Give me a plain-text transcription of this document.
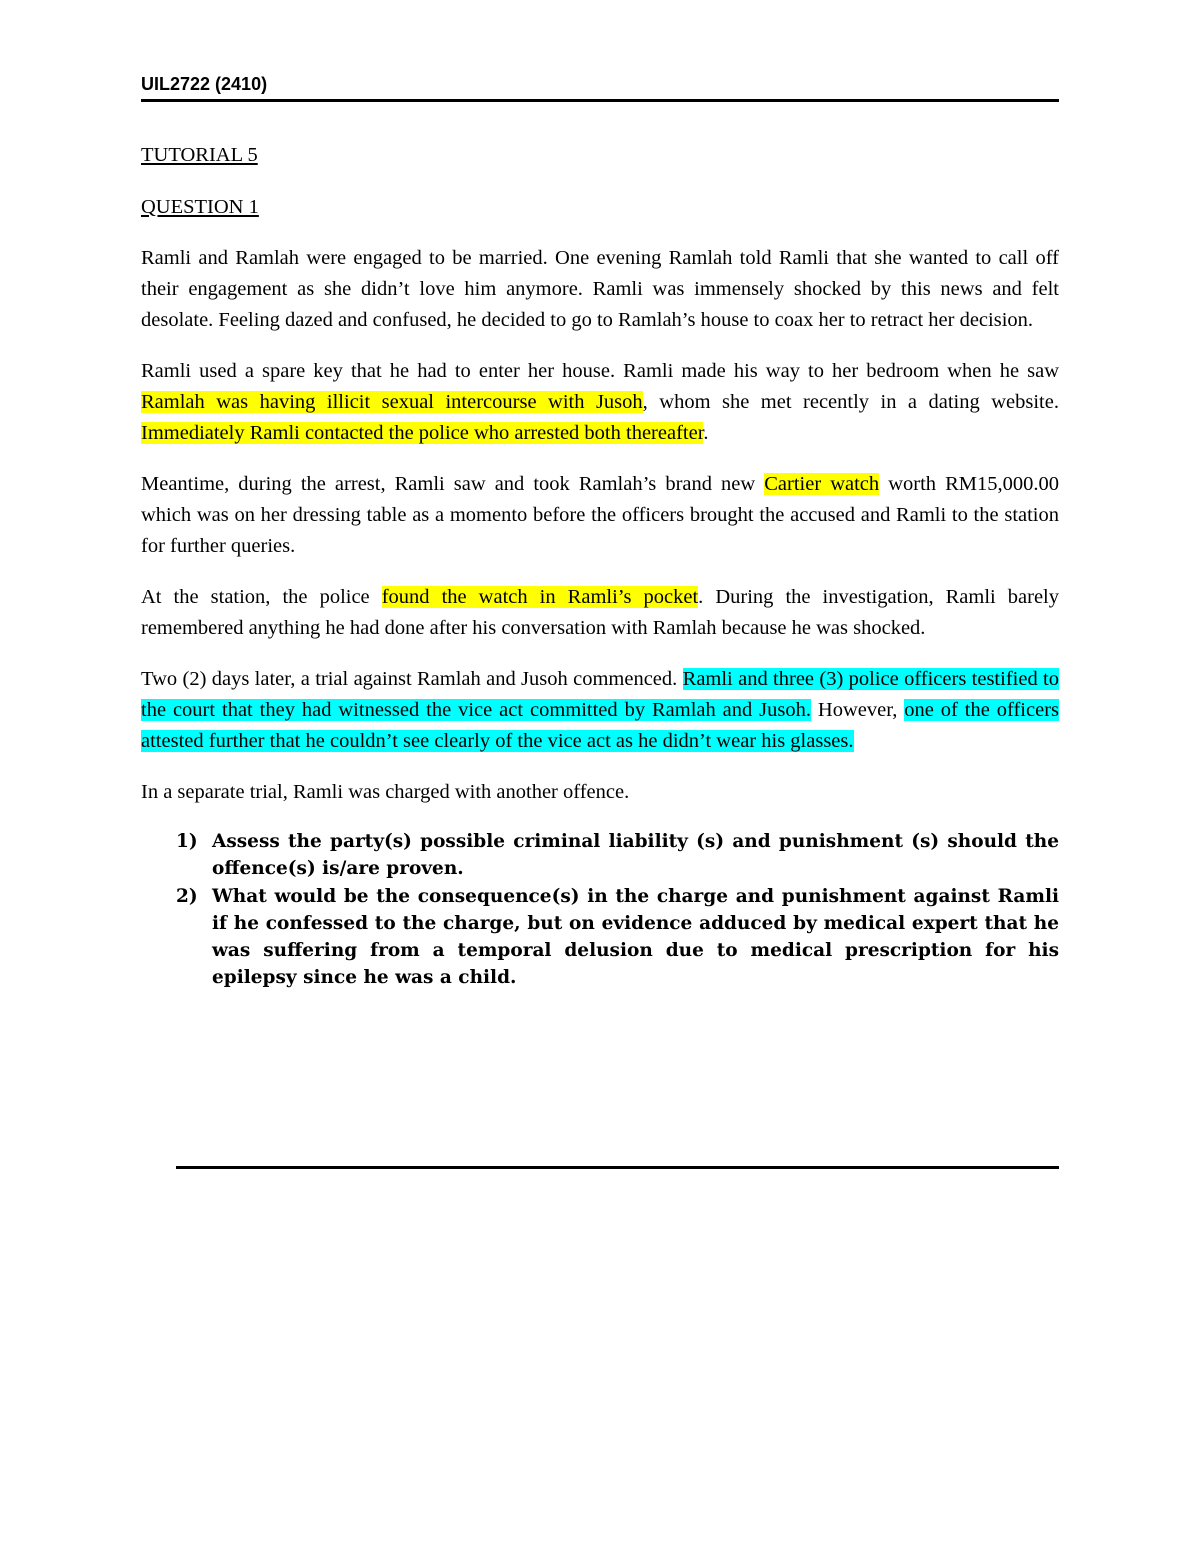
UIL2722 (2410)

TUTORIAL 5

QUESTION 1

Ramli and Ramlah were engaged to be married. One evening Ramlah told Ramli that she wanted to call off their engagement as she didn’t love him anymore. Ramli was immensely shocked by this news and felt desolate. Feeling dazed and confused, he decided to go to Ramlah’s house to coax her to retract her decision.

Ramli used a spare key that he had to enter her house. Ramli made his way to her bedroom when he saw Ramlah was having illicit sexual intercourse with Jusoh, whom she met recently in a dating website. Immediately Ramli contacted the police who arrested both thereafter.

Meantime, during the arrest, Ramli saw and took Ramlah’s brand new Cartier watch worth RM15,000.00 which was on her dressing table as a momento before the officers brought the accused and Ramli to the station for further queries.

At the station, the police found the watch in Ramli’s pocket. During the investigation, Ramli barely remembered anything he had done after his conversation with Ramlah because he was shocked.

Two (2) days later, a trial against Ramlah and Jusoh commenced. Ramli and three (3) police officers testified to the court that they had witnessed the vice act committed by Ramlah and Jusoh. However, one of the officers attested further that he couldn’t see clearly of the vice act as he didn’t wear his glasses.

In a separate trial, Ramli was charged with another offence.

1) Assess the party(s) possible criminal liability (s) and punishment (s) should the offence(s) is/are proven.
2) What would be the consequence(s) in the charge and punishment against Ramli if he confessed to the charge, but on evidence adduced by medical expert that he was suffering from a temporal delusion due to medical prescription for his epilepsy since he was a child.
